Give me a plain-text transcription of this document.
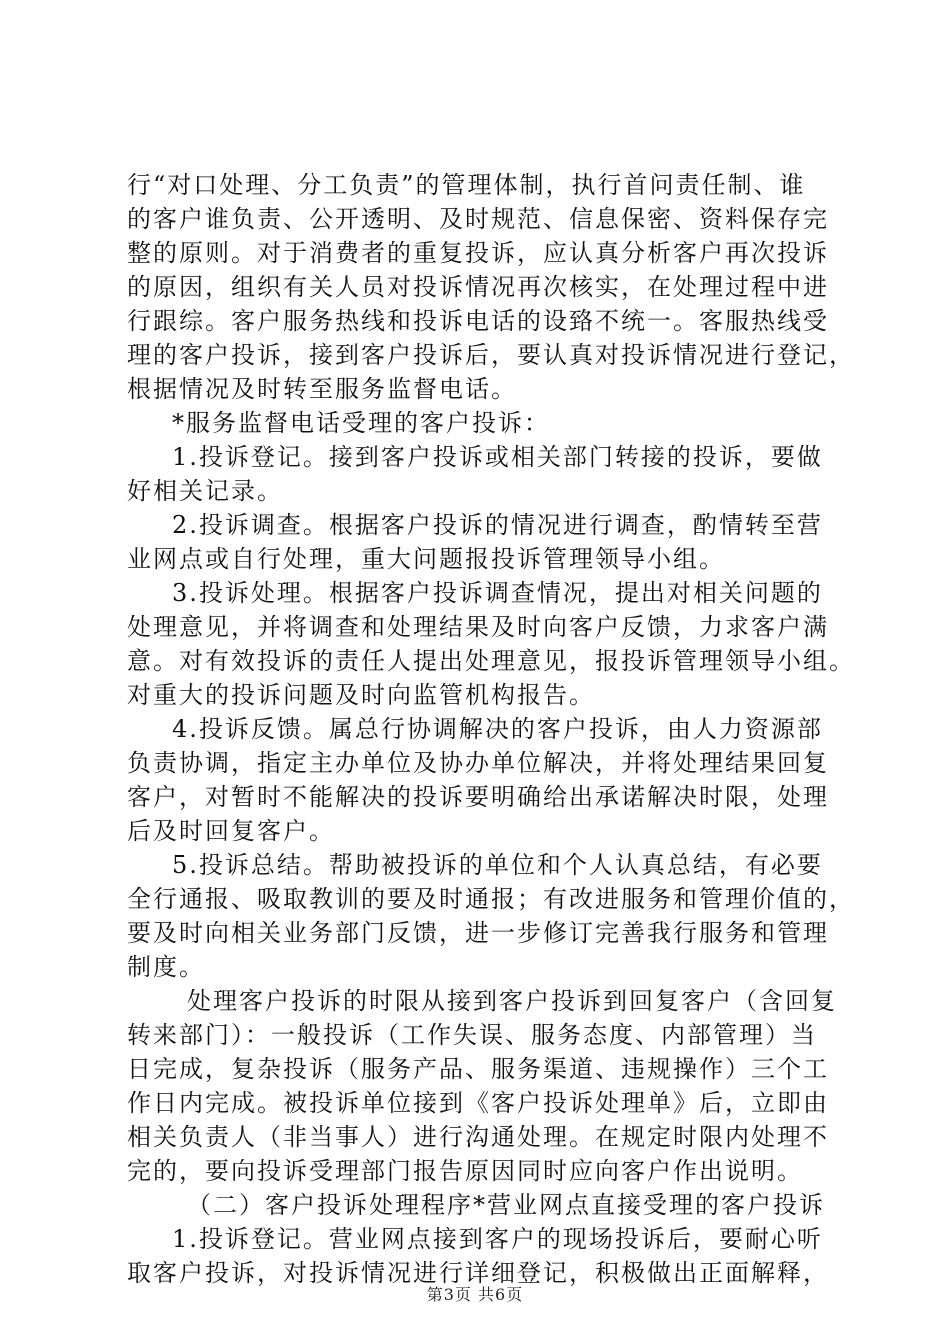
行“对口处理、分工负责”的管理体制，执行首问责任制、谁
的客户谁负责、公开透明、及时规范、信息保密、资料保存完
整的原则。对于消费者的重复投诉，应认真分析客户再次投诉
的原因，组织有关人员对投诉情况再次核实，在处理过程中进
行跟综。客户服务热线和投诉电话的设臵不统一。客服热线受
理的客户投诉，接到客户投诉后，要认真对投诉情况进行登记，
根据情况及时转至服务监督电话。
*服务监督电话受理的客户投诉：
1.投诉登记。接到客户投诉或相关部门转接的投诉，要做
好相关记录。
2.投诉调查。根据客户投诉的情况进行调查，酌情转至营
业网点或自行处理，重大问题报投诉管理领导小组。
3.投诉处理。根据客户投诉调查情况，提出对相关问题的
处理意见，并将调查和处理结果及时向客户反馈，力求客户满
意。对有效投诉的责任人提出处理意见，报投诉管理领导小组。
对重大的投诉问题及时向监管机构报告。
4.投诉反馈。属总行协调解决的客户投诉，由人力资源部
负责协调，指定主办单位及协办单位解决，并将处理结果回复
客户，对暂时不能解决的投诉要明确给出承诺解决时限，处理
后及时回复客户。
5.投诉总结。帮助被投诉的单位和个人认真总结，有必要
全行通报、吸取教训的要及时通报；有改进服务和管理价值的，
要及时向相关业务部门反馈，进一步修订完善我行服务和管理
制度。
处理客户投诉的时限从接到客户投诉到回复客户（含回复
转来部门）：一般投诉（工作失误、服务态度、内部管理）当
日完成，复杂投诉（服务产品、服务渠道、违规操作）三个工
作日内完成。被投诉单位接到《客户投诉处理单》后，立即由
相关负责人（非当事人）进行沟通处理。在规定时限内处理不
完的，要向投诉受理部门报告原因同时应向客户作出说明。
（二）客户投诉处理程序*营业网点直接受理的客户投诉
1.投诉登记。营业网点接到客户的现场投诉后，要耐心听
取客户投诉，对投诉情况进行详细登记，积极做出正面解释，
第3页 共6页
